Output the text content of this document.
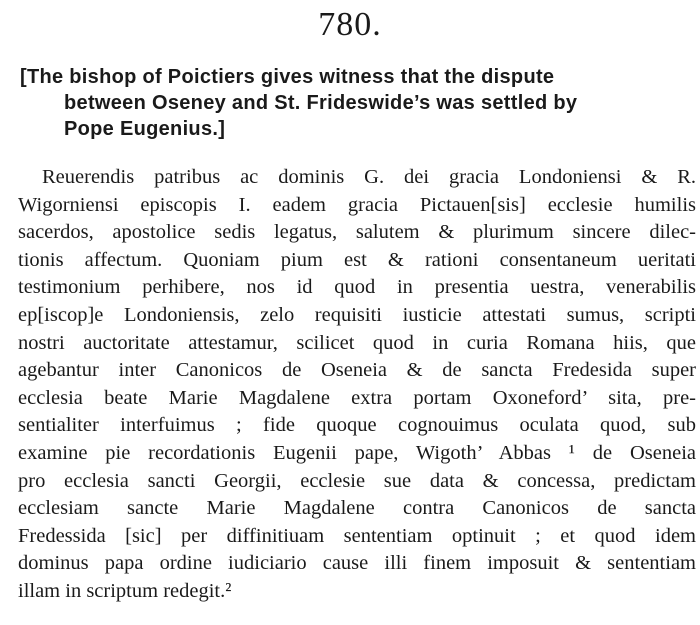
780.
[The bishop of Poictiers gives witness that the dispute
between Oseney and St. Frideswide’s was settled by
Pope Eugenius.]
Reuerendis patribus ac dominis G. dei gracia Londoniensi & R.
Wigorniensi episcopis I. eadem gracia Pictauen[sis] ecclesie humilis
sacerdos, apostolice sedis legatus, salutem & plurimum sincere dilec-
tionis affectum. Quoniam pium est & rationi consentaneum ueritati
testimonium perhibere, nos id quod in presentia uestra, venerabilis
ep[iscop]e Londoniensis, zelo requisiti iusticie attestati sumus, scripti
nostri auctoritate attestamur, scilicet quod in curia Romana hiis, que
agebantur inter Canonicos de Oseneia & de sancta Fredesida super
ecclesia beate Marie Magdalene extra portam Oxoneford’ sita, pre-
sentialiter interfuimus ; fide quoque cognouimus oculata quod, sub
examine pie recordationis Eugenii pape, Wigoth’ Abbas ¹ de Oseneia
pro ecclesia sancti Georgii, ecclesie sue data & concessa, predictam
ecclesiam sancte Marie Magdalene contra Canonicos de sancta
Fredessida [sic] per diffinitiuam sententiam optinuit ; et quod idem
dominus papa ordine iudiciario cause illi finem imposuit & sententiam
illam in scriptum redegit.²
